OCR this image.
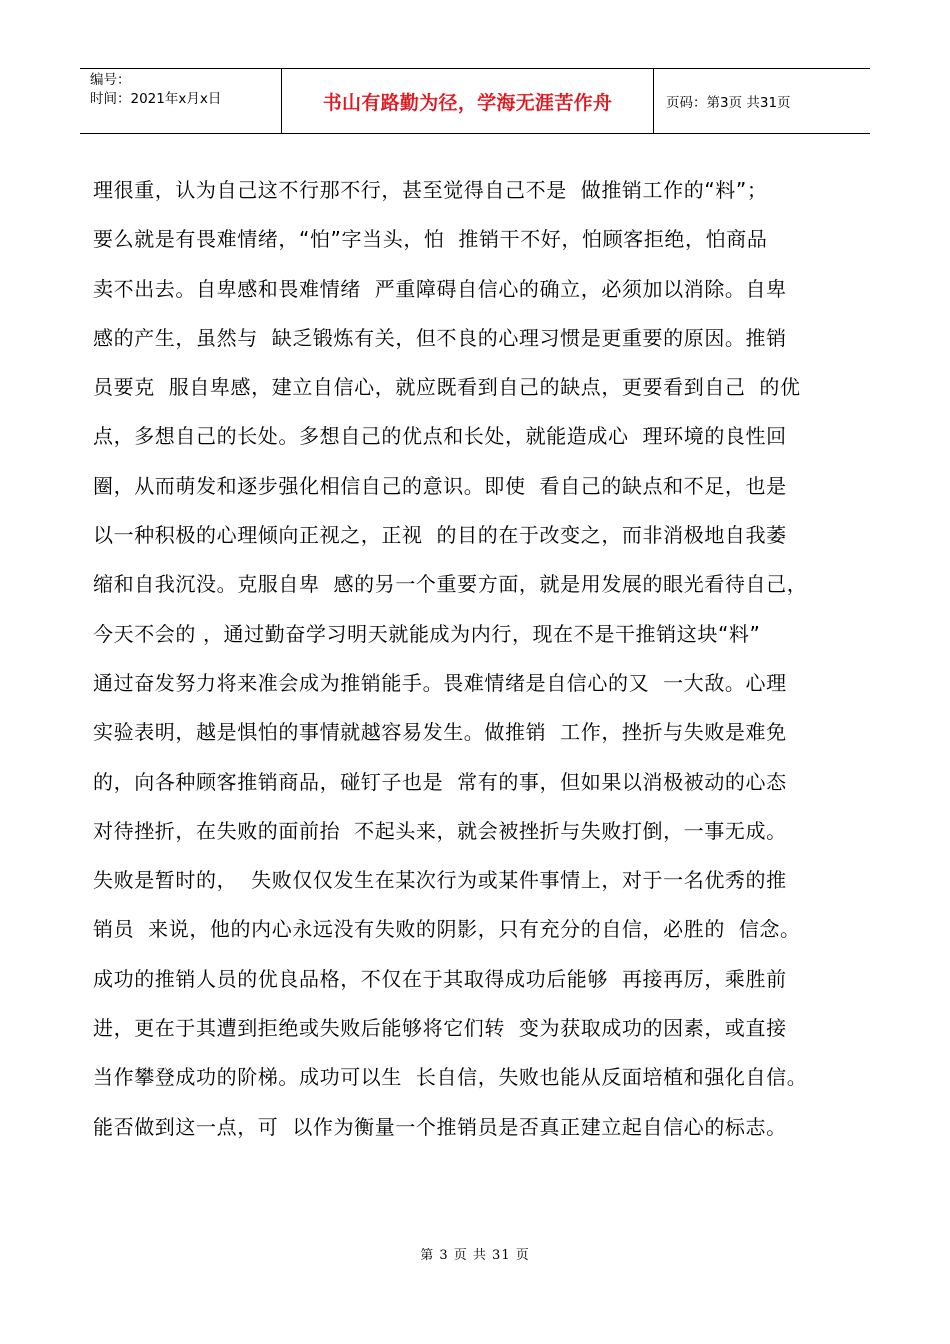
编号：
时间：2021年x月x日	书山有路勤为径，学海无涯苦作舟	页码：第3页 共31页
理很重，认为自己这不行那不行，甚至觉得自己不是  做推销工作的“料”；
要么就是有畏难情绪，“怕”字当头，怕  推销干不好，怕顾客拒绝，怕商品
卖不出去。自卑感和畏难情绪  严重障碍自信心的确立，必须加以消除。自卑
感的产生，虽然与  缺乏锻炼有关，但不良的心理习惯是更重要的原因。推销
员要克  服自卑感，建立自信心，就应既看到自己的缺点，更要看到自己  的优
点，多想自己的长处。多想自己的优点和长处，就能造成心  理环境的良性回
圈，从而萌发和逐步强化相信自己的意识。即使  看自己的缺点和不足，也是
以一种积极的心理倾向正视之，正视  的目的在于改变之，而非消极地自我萎
缩和自我沉没。克服自卑  感的另一个重要方面，就是用发展的眼光看待自己，
今天不会的 ，通过勤奋学习明天就能成为内行，现在不是干推销这块“料”
通过奋发努力将来准会成为推销能手。畏难情绪是自信心的又  一大敌。心理
实验表明，越是惧怕的事情就越容易发生。做推销  工作，挫折与失败是难免
的，向各种顾客推销商品，碰钉子也是  常有的事，但如果以消极被动的心态
对待挫折，在失败的面前抬  不起头来，就会被挫折与失败打倒，一事无成。
失败是暂时的，  失败仅仅发生在某次行为或某件事情上，对于一名优秀的推
销员  来说，他的内心永远没有失败的阴影，只有充分的自信，必胜的  信念。
成功的推销人员的优良品格，不仅在于其取得成功后能够  再接再厉，乘胜前
进，更在于其遭到拒绝或失败后能够将它们转  变为获取成功的因素，或直接
当作攀登成功的阶梯。成功可以生  长自信，失败也能从反面培植和强化自信。
能否做到这一点，可  以作为衡量一个推销员是否真正建立起自信心的标志。
第 3 页 共 31 页
